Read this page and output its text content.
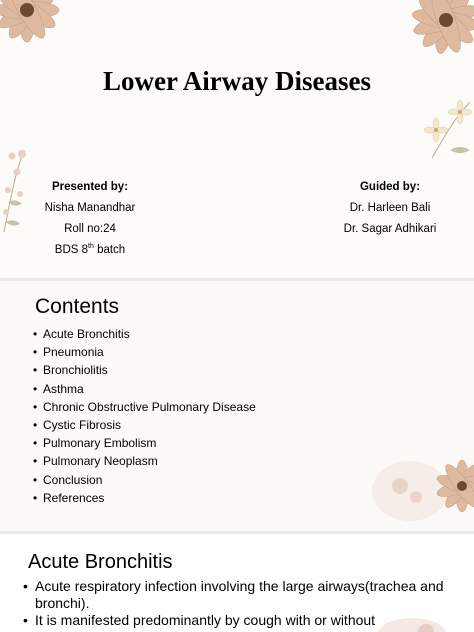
Lower Airway Diseases
Presented by:
Nisha Manandhar
Roll no:24
BDS 8th batch
Guided by:
Dr. Harleen Bali
Dr. Sagar Adhikari
Contents
• Acute Bronchitis
• Pneumonia
• Bronchiolitis
• Asthma
• Chronic Obstructive Pulmonary Disease
• Cystic Fibrosis
• Pulmonary Embolism
• Pulmonary Neoplasm
• Conclusion
• References
Acute Bronchitis
• Acute respiratory infection involving the large airways(trachea and bronchi).
• It is manifested predominantly by cough with or without
